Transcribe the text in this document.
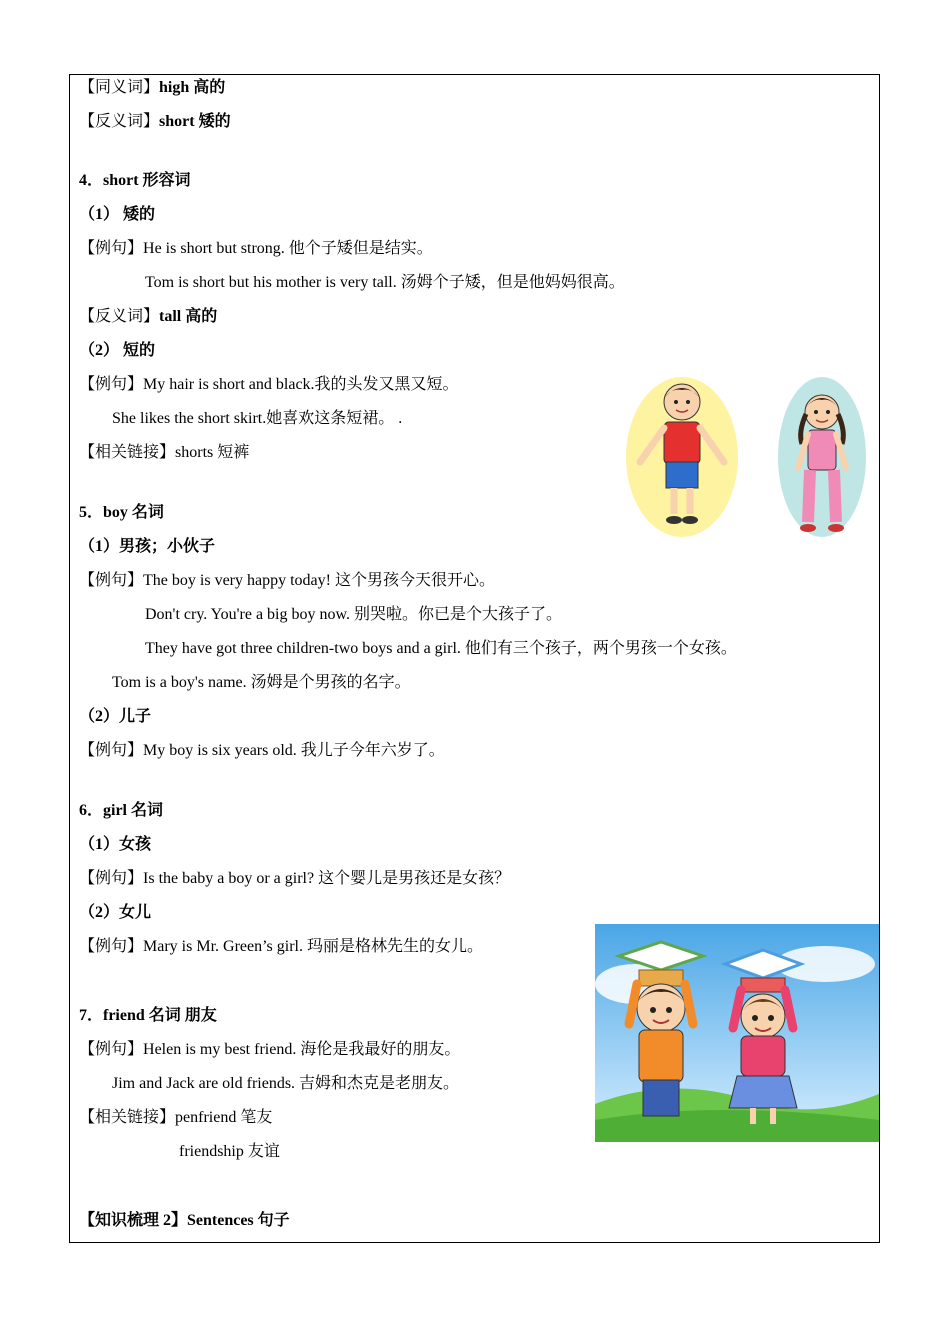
【同义词】high 高的
【反义词】short 矮的
4．short 形容词
（1） 矮的
【例句】He is short but strong. 他个子矮但是结实。
Tom is short but his mother is very tall. 汤姆个子矮，但是他妈妈很高。
【反义词】tall 高的
（2） 短的
【例句】My hair is short and black.我的头发又黑又短。
She likes the short skirt.她喜欢这条短裙。 .
【相关链接】shorts 短裤
5．boy 名词
（1）男孩；小伙子
【例句】The boy is very happy today! 这个男孩今天很开心。
Don't cry. You're a big boy now. 别哭啦。你已是个大孩子了。
They have got three children-two boys and a girl. 他们有三个孩子，两个男孩一个女孩。
Tom is a boy's name. 汤姆是个男孩的名字。
（2）儿子
【例句】My boy is six years old. 我儿子今年六岁了。
6．girl 名词
（1）女孩
【例句】Is the baby a boy or a girl? 这个婴儿是男孩还是女孩？
（2）女儿
【例句】Mary is Mr. Green’s girl. 玛丽是格林先生的女儿。
7．friend 名词 朋友
【例句】Helen is my best friend. 海伦是我最好的朋友。
Jim and Jack are old friends. 吉姆和杰克是老朋友。
【相关链接】penfriend 笔友
friendship 友谊
【知识梳理 2】Sentences 句子
